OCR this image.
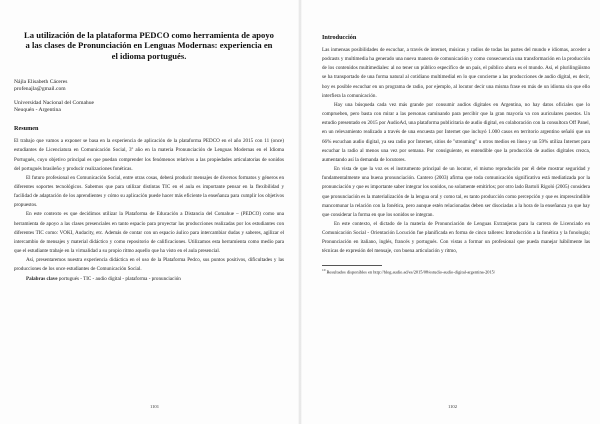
La utilización de la plataforma PEDCO como herramienta de apoyo a las clases de Pronunciación en Lenguas Modernas: experiencia en el idioma portugués.
Nájla Elisabeth Cáceres
profenajla@gmail.com
Universidad Nacional del Comahue
Neuquén - Argentina
Resumen

El trabajo que vamos a exponer se basa en la experiencia de aplicación de la plataforma PEDCO en el año 2015 con 11 (once) estudiantes de Licenciatura en Comunicación Social, 3º año en la materia Pronunciación de Lenguas Modernas en el Idioma Portugués, cuyo objetivo principal es que puedan comprender los fenómenos relativos a las propiedades articulatorias de sonidos del portugués brasileño y producir realizaciones fonéticas.

El futuro profesional en Comunicación Social, entre otras cosas, deberá producir mensajes de diversos formatos y géneros en diferentes soportes tecnológicos. Sabemos que para utilizar distintas TIC en el aula es importante pensar en la flexibilidad y facilidad de adaptación de los aprendientes y cómo su aplicación puede hacer más eficiente la enseñanza para cumplir los objetivos propuestos.

En este contexto es que decidimos utilizar la Plataforma de Educación a Distancia del Comahue – (PEDCO) como una herramienta de apoyo a las clases presenciales en tanto espacio para proyectar las producciones realizadas por los estudiantes con diferentes TIC como: VOKI, Audacity, etc. Además de contar con un espacio áulico para intercambiar dudas y saberes, agilizar el intercambio de mensajes y material didáctico y como repositorio de calificaciones. Utilizamos esta herramienta como medio para que el estudiante trabaje en la virtualidad a su propio ritmo aquello que ha visto en el aula presencial.

Así, presentaremos nuestra experiencia didáctica en el uso de la Plataforma Pedco, sus puntos positivos, dificultades y las producciones de los once estudiantes de Comunicación Social.

Palabras clave portugués - TIC - audio digital - plataforma - pronunciación

1101
Introducción

Las inmensas posibilidades de escuchar, a través de internet, músicas y radios de todas las partes del mundo e idiomas, acceder a podcasts y multimedia ha generado una nueva manera de comunicación y como consecuencia una transformación en la producción de los contenidos multimediales: al no tener un público específico de un país, el público ahora es el mundo. Así, el plurilingüismo se ha transportado de una forma natural al cotidiano multimedial en lo que concierne a las producciones de audio digital, es decir, hoy es posible escuchar en un programa de radio, por ejemplo, al locutor decir una misma frase en más de un idioma sin que ello interfiera la comunicación.

Hay una búsqueda cada vez más grande por consumir audios digitales en Argentina, no hay datos oficiales que lo comprueben, pero basta con mirar a las personas caminando para percibir que la gran mayoría va con auriculares puestos. Un estudio presentado en 2015 por AudioAd, una plataforma publicitaria de audio digital, en colaboración con la consultora Off Panel, en un relevamiento realizado a través de una encuesta por Internet que incluyó 1.000 casos en territorio argentino señaló que un 66% escuchan audio digital, ya sea radio por Internet, sitios de "streaming" u otros medios en línea y un 59% utiliza Internet para escuchar la radio al menos una vez por semana. Por consiguiente, es entendible que la producción de audios digitales crezca, aumentando así la demanda de locutores.

En vista de que la voz es el instrumento principal de un locutor, el mismo reproducido por él debe mostrar seguridad y fundamentalmente una buena pronunciación. Cantero (2003) afirma que toda comunicación significativa está mediatizada por la pronunciación y que es importante saber integrar los sonidos, no solamente emitirlos; por otro lado Bartoli Rigoló (2005) considera que pronunciación es la materialización de la lengua oral y como tal, es tanto producción como percepción y que es imprescindible mancomunar la relación con la fonética, pero aunque estén relacionadas deben ser disociadas a la hora de la enseñanza ya que hay que considerar la forma en que los sonidos se integran.

En este contexto, el dictado de la materia de Pronunciación de Lenguas Extranjeras para la carrera de Licenciado en Comunicación Social - Orientación Locución fue planificada en forma de cinco talleres: Introducción a la fonética y la fonología; Pronunciación en italiano, inglés, francés y portugués. Con vistas a formar un profesional que pueda manejar hábilmente las técnicas de expresión del mensaje, con buena articulación y ritmo,

$^{10}$ Resultados disponibles en http://blog.audio.ad/es/2015/08/estudio-audio-digital-argentina-2015/
1102
